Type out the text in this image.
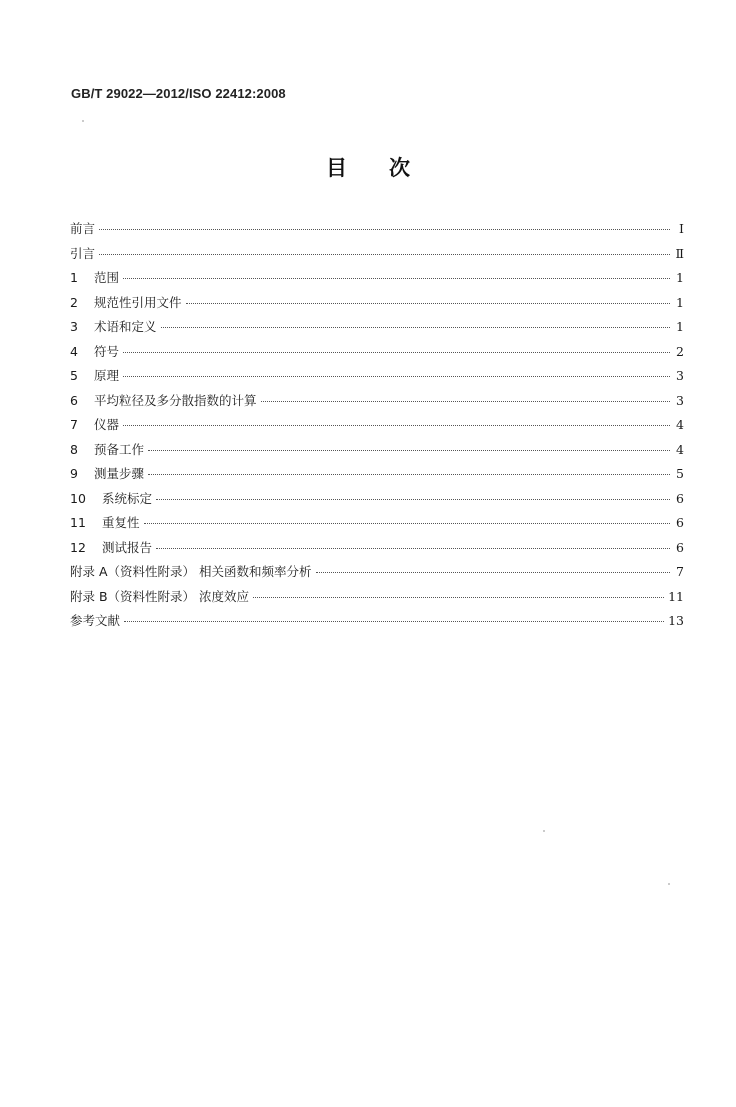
GB/T 29022—2012/ISO 22412:2008
目 次
前言	Ⅰ
引言	Ⅱ
1	范围	1
2	规范性引用文件	1
3	术语和定义	1
4	符号	2
5	原理	3
6	平均粒径及多分散指数的计算	3
7	仪器	4
8	预备工作	4
9	测量步骤	5
10	系统标定	6
11	重复性	6
12	测试报告	6
附录 A（资料性附录） 相关函数和频率分析	7
附录 B（资料性附录） 浓度效应	11
参考文献	13
